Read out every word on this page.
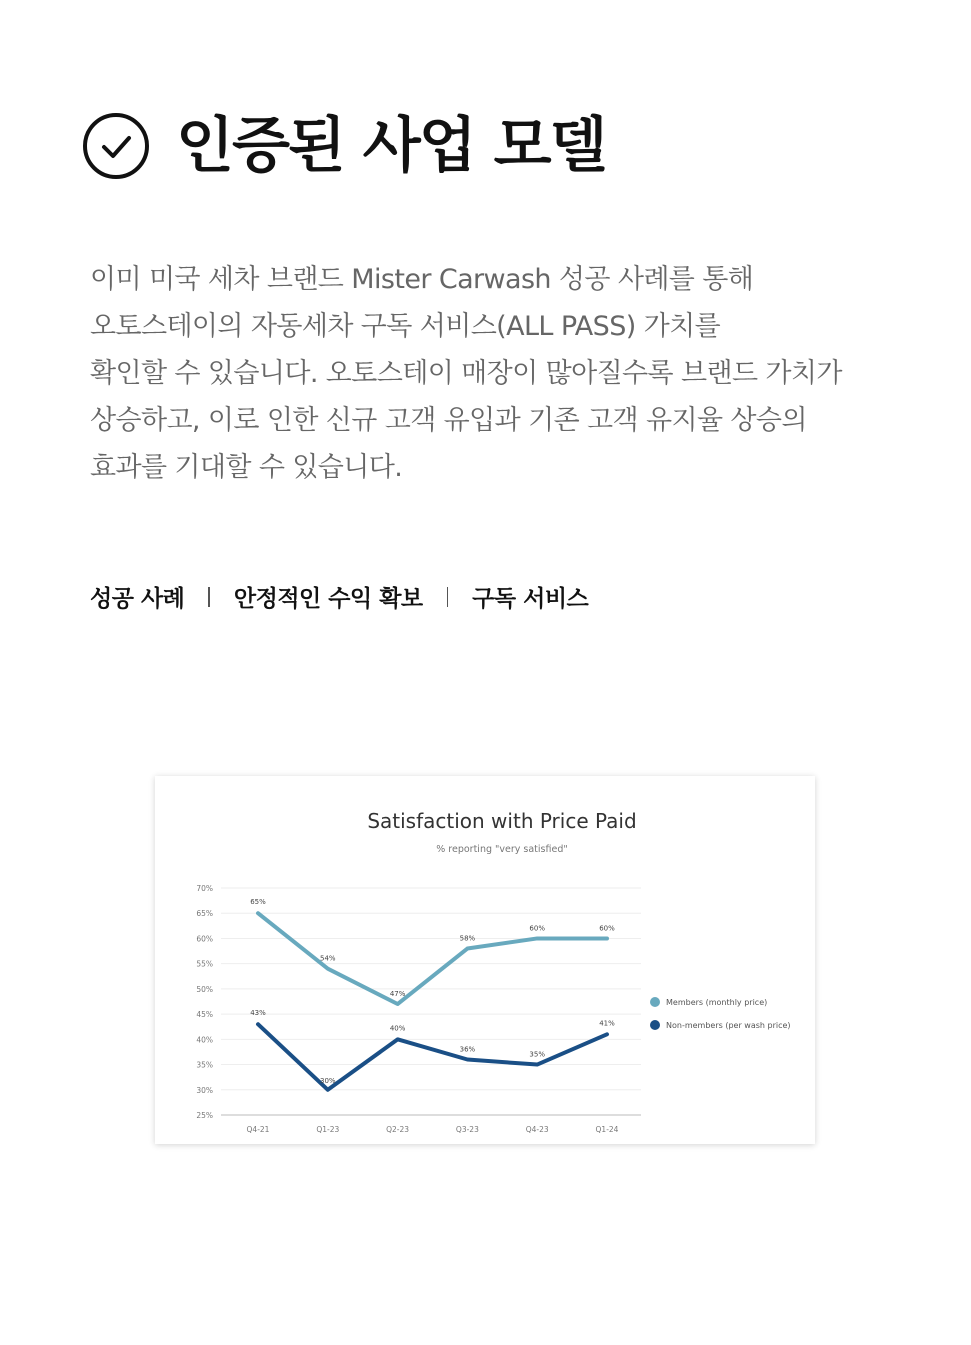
인증된 사업 모델
이미 미국 세차 브랜드 Mister Carwash 성공 사례를 통해
오토스테이의 자동세차 구독 서비스(ALL PASS) 가치를
확인할 수 있습니다. 오토스테이 매장이 많아질수록 브랜드 가치가
상승하고, 이로 인한 신규 고객 유입과 기존 고객 유지율 상승의
효과를 기대할 수 있습니다.
성공 사례 안정적인 수익 확보 구독 서비스
Satisfaction with Price Paid
% reporting "very satisfied"
70%
65%
60%
55%
50%
45%
40%
35%
30%
25%
Q4-21	Q1-23	Q2-23	Q3-23	Q4-23	Q1-24
65%
54%
47%
58%
60%	60%
43%
30%
40%
36%
35%
41%
Members (monthly price)
Non-members (per wash price)
